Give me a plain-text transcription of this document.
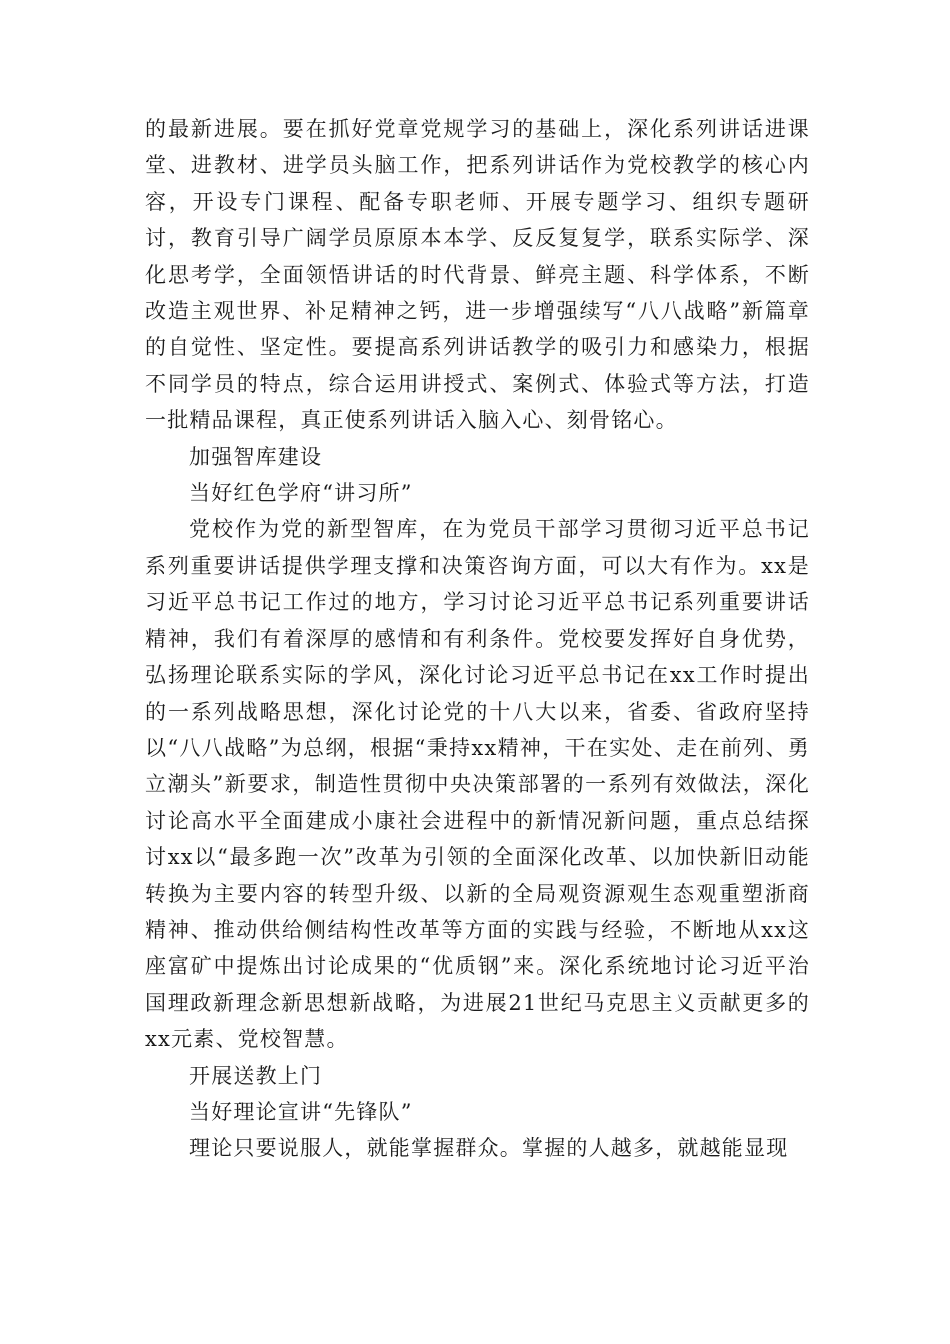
的最新进展。要在抓好党章党规学习的基础上，深化系列讲话进课堂、进教材、进学员头脑工作，把系列讲话作为党校教学的核心内容，开设专门课程、配备专职老师、开展专题学习、组织专题研讨，教育引导广阔学员原原本本学、反反复复学，联系实际学、深化思考学，全面领悟讲话的时代背景、鲜亮主题、科学体系，不断改造主观世界、补足精神之钙，进一步增强续写“八八战略”新篇章的自觉性、坚定性。要提高系列讲话教学的吸引力和感染力，根据不同学员的特点，综合运用讲授式、案例式、体验式等方法，打造一批精品课程，真正使系列讲话入脑入心、刻骨铭心。

加强智库建设

当好红色学府“讲习所”

党校作为党的新型智库，在为党员干部学习贯彻习近平总书记系列重要讲话提供学理支撑和决策咨询方面，可以大有作为。xx是习近平总书记工作过的地方，学习讨论习近平总书记系列重要讲话精神，我们有着深厚的感情和有利条件。党校要发挥好自身优势，弘扬理论联系实际的学风，深化讨论习近平总书记在xx工作时提出的一系列战略思想，深化讨论党的十八大以来，省委、省政府坚持以“八八战略”为总纲，根据“秉持xx精神，干在实处、走在前列、勇立潮头”新要求，制造性贯彻中央决策部署的一系列有效做法，深化讨论高水平全面建成小康社会进程中的新情况新问题，重点总结探讨xx以“最多跑一次”改革为引领的全面深化改革、以加快新旧动能转换为主要内容的转型升级、以新的全局观资源观生态观重塑浙商精神、推动供给侧结构性改革等方面的实践与经验，不断地从xx这座富矿中提炼出讨论成果的“优质钢”来。深化系统地讨论习近平治国理政新理念新思想新战略，为进展21世纪马克思主义贡献更多的xx元素、党校智慧。

开展送教上门

当好理论宣讲“先锋队”

理论只要说服人，就能掌握群众。掌握的人越多，就越能显现
